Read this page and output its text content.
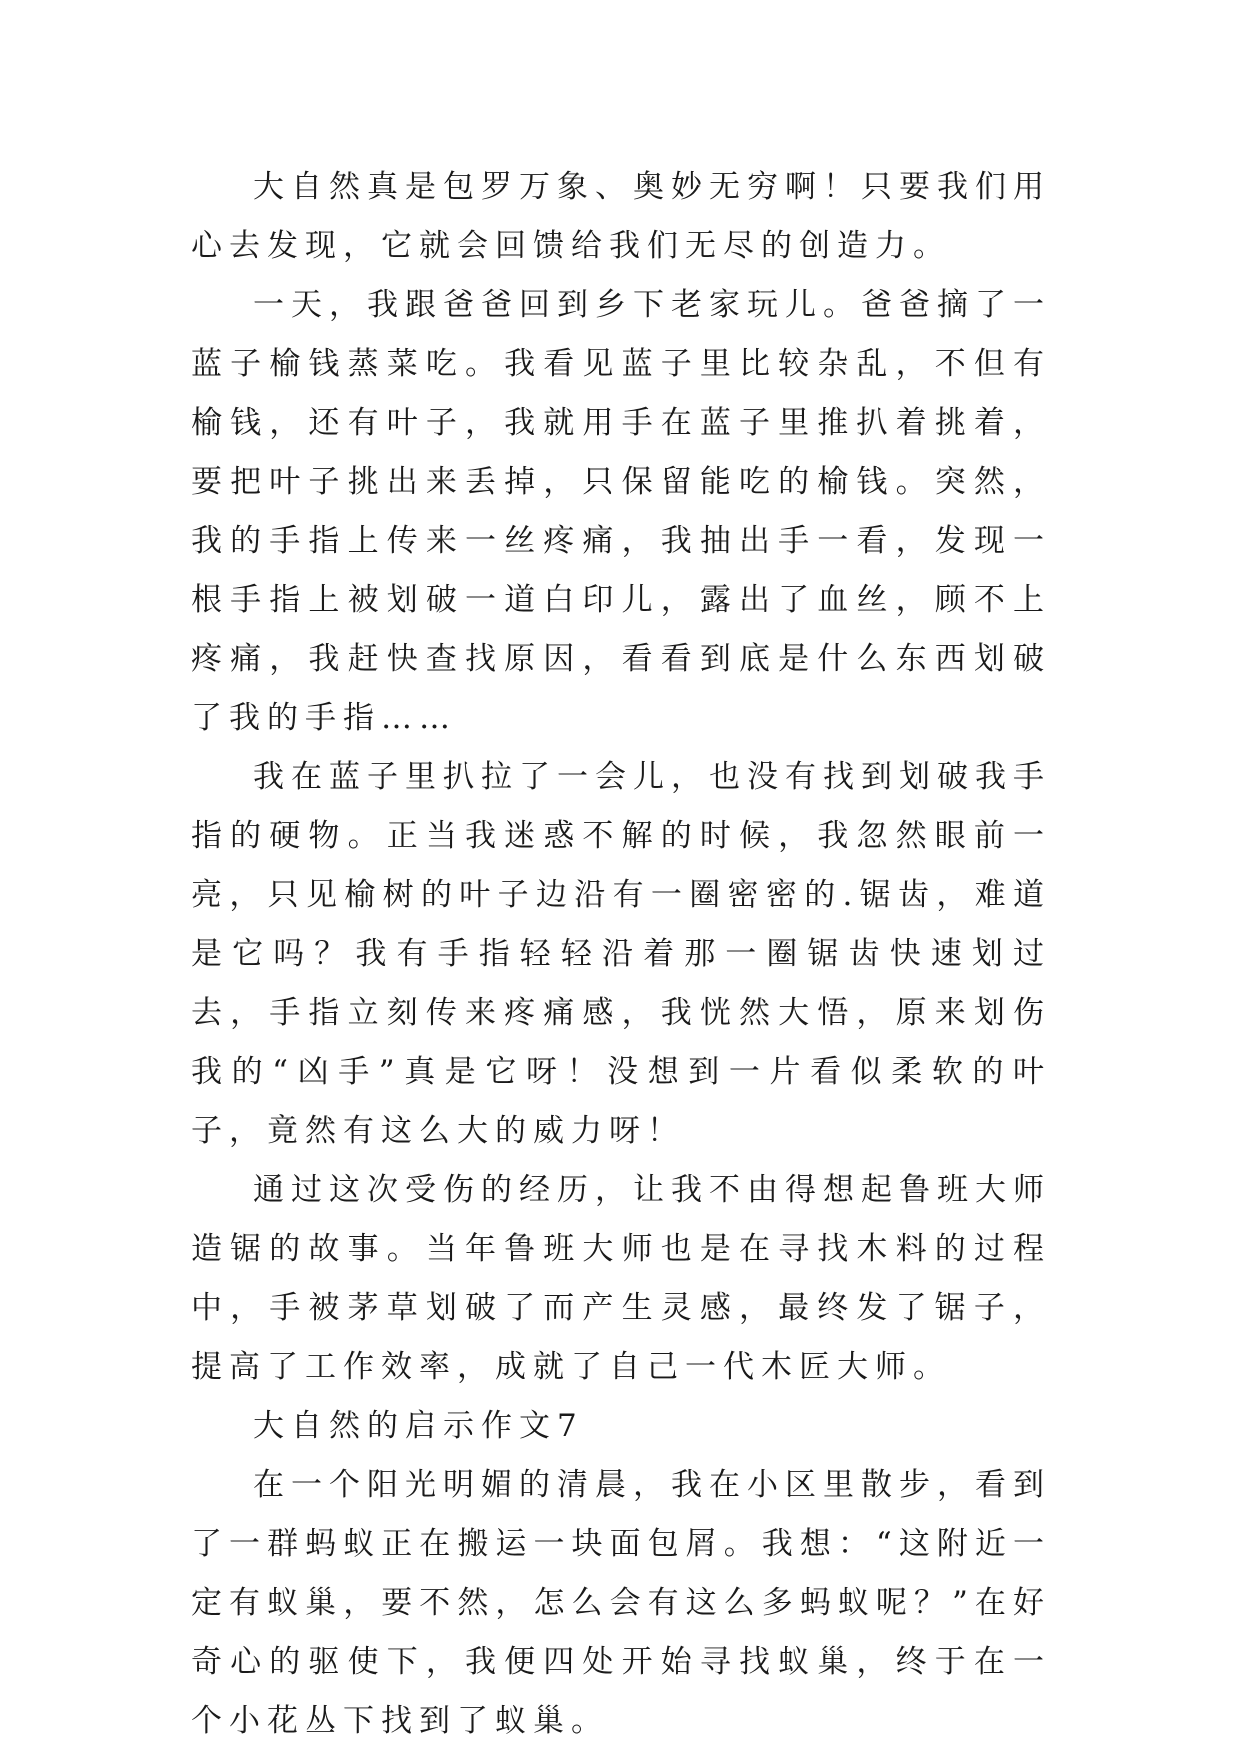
大自然真是包罗万象、奥妙无穷啊！只要我们用心去发现，它就会回馈给我们无尽的创造力。

一天，我跟爸爸回到乡下老家玩儿。爸爸摘了一蓝子榆钱蒸菜吃。我看见蓝子里比较杂乱，不但有榆钱，还有叶子，我就用手在蓝子里推扒着挑着，要把叶子挑出来丢掉，只保留能吃的榆钱。突然，我的手指上传来一丝疼痛，我抽出手一看，发现一根手指上被划破一道白印儿，露出了血丝，顾不上疼痛，我赶快查找原因，看看到底是什么东西划破了我的手指……

我在蓝子里扒拉了一会儿，也没有找到划破我手指的硬物。正当我迷惑不解的时候，我忽然眼前一亮，只见榆树的叶子边沿有一圈密密的.锯齿，难道是它吗？我有手指轻轻沿着那一圈锯齿快速划过去，手指立刻传来疼痛感，我恍然大悟，原来划伤我的“凶手”真是它呀！没想到一片看似柔软的叶子，竟然有这么大的威力呀！

通过这次受伤的经历，让我不由得想起鲁班大师造锯的故事。当年鲁班大师也是在寻找木料的过程中，手被茅草划破了而产生灵感，最终发了锯子，提高了工作效率，成就了自己一代木匠大师。

大自然的启示作文7

在一个阳光明媚的清晨，我在小区里散步，看到了一群蚂蚁正在搬运一块面包屑。我想：“这附近一定有蚁巢，要不然，怎么会有这么多蚂蚁呢？”在好奇心的驱使下，我便四处开始寻找蚁巢，终于在一个小花丛下找到了蚁巢。
